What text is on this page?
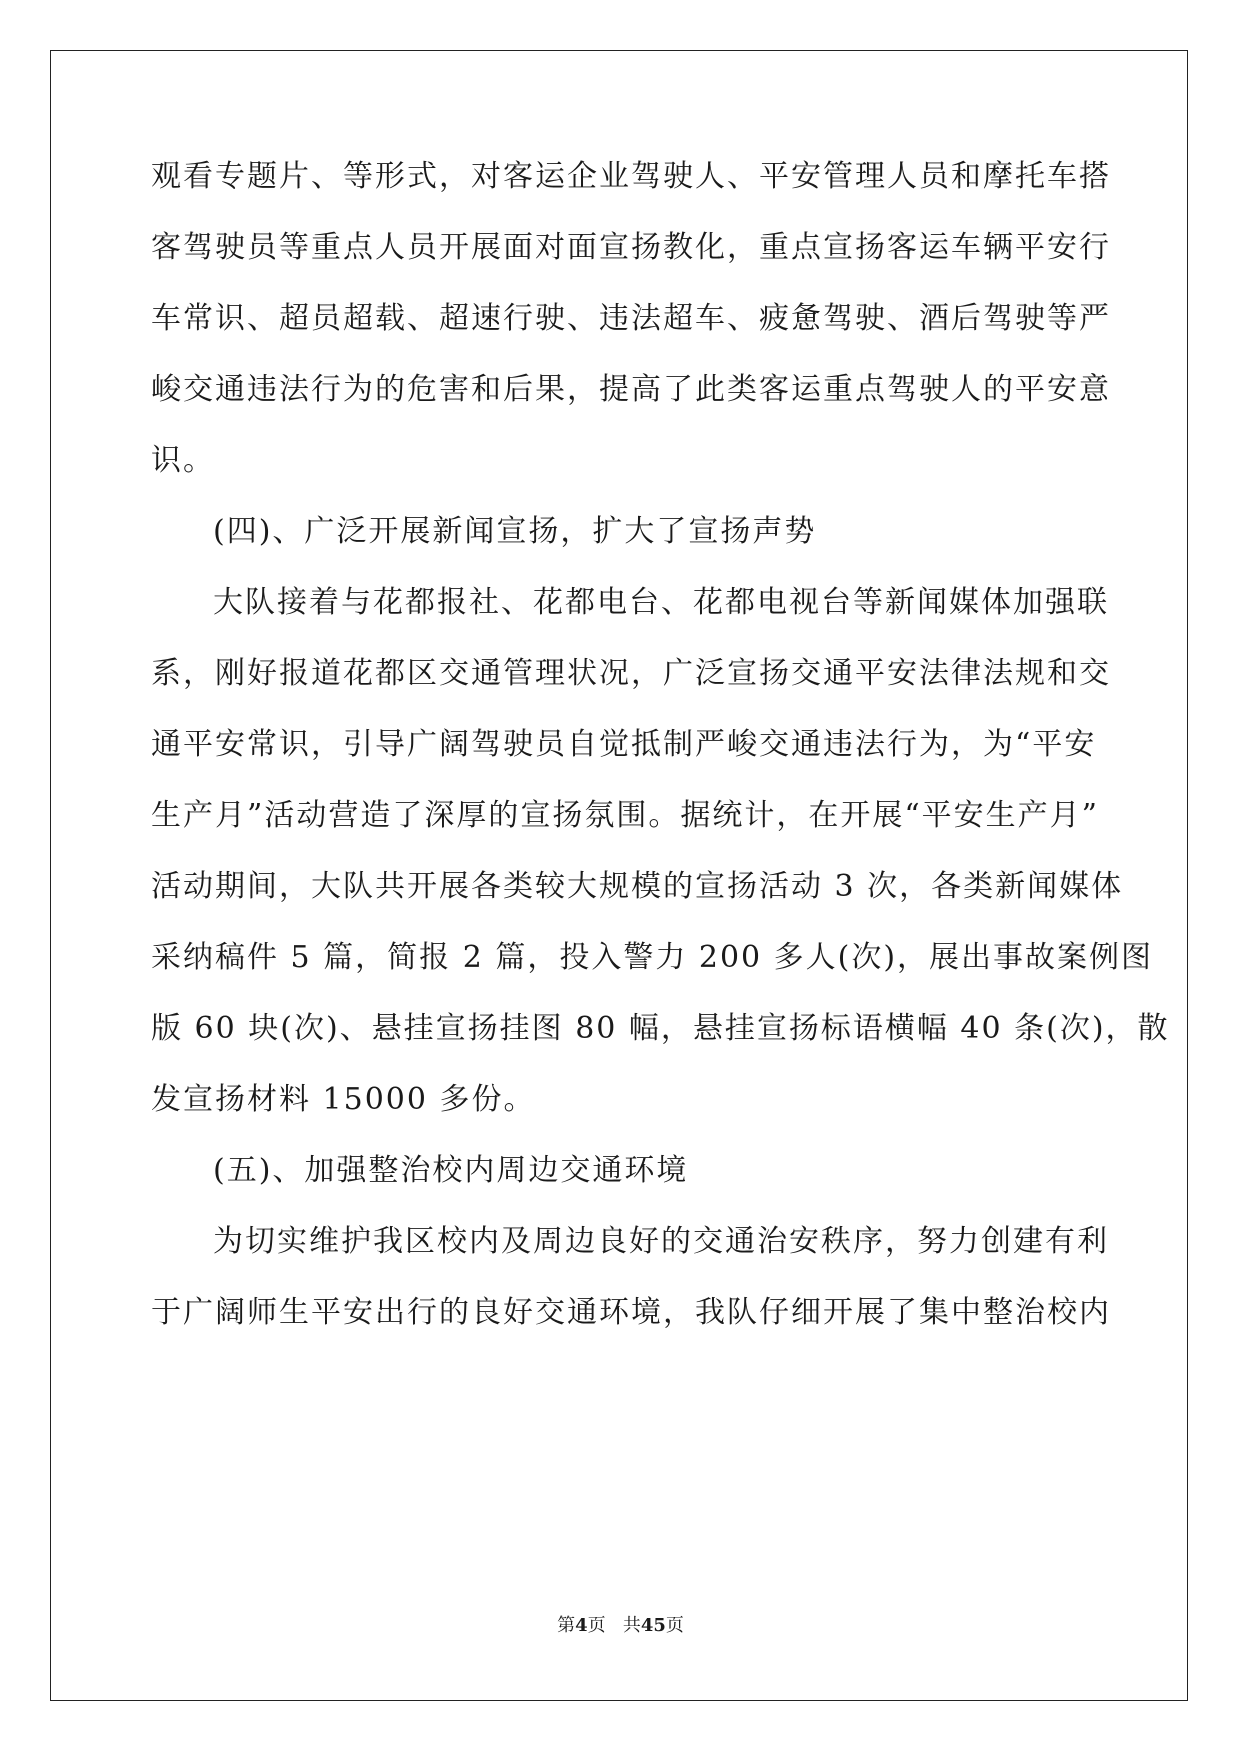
观看专题片、等形式，对客运企业驾驶人、平安管理人员和摩托车搭
客驾驶员等重点人员开展面对面宣扬教化，重点宣扬客运车辆平安行
车常识、超员超载、超速行驶、违法超车、疲惫驾驶、酒后驾驶等严
峻交通违法行为的危害和后果，提高了此类客运重点驾驶人的平安意
识。
(四)、广泛开展新闻宣扬，扩大了宣扬声势
大队接着与花都报社、花都电台、花都电视台等新闻媒体加强联
系，刚好报道花都区交通管理状况，广泛宣扬交通平安法律法规和交
通平安常识，引导广阔驾驶员自觉抵制严峻交通违法行为，为“平安
生产月”活动营造了深厚的宣扬氛围。据统计，在开展“平安生产月”
活动期间，大队共开展各类较大规模的宣扬活动 3 次，各类新闻媒体
采纳稿件 5 篇，简报 2 篇，投入警力 200 多人(次)，展出事故案例图
版 60 块(次)、悬挂宣扬挂图 80 幅，悬挂宣扬标语横幅 40 条(次)，散
发宣扬材料 15000 多份。
(五)、加强整治校内周边交通环境
为切实维护我区校内及周边良好的交通治安秩序，努力创建有利
于广阔师生平安出行的良好交通环境，我队仔细开展了集中整治校内
第4页 共45页
